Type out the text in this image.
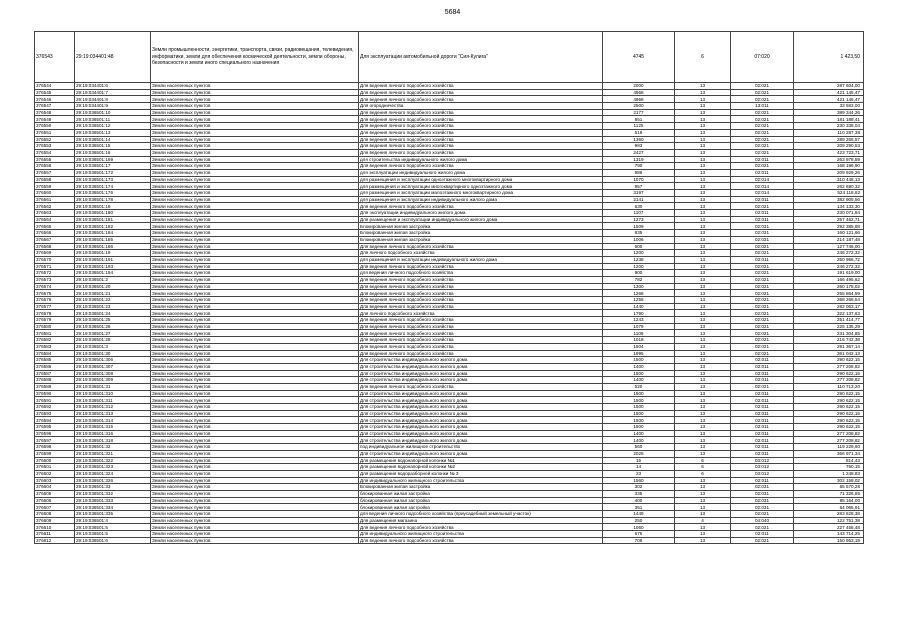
5684
376543	29:19:034401:48	Земли промышленности, энергетики, транспорта, связи, радиовещания, телевидения, информатики, земли для обеспечения космической деятельности, земли обороны, безопасности и земли иного специального назначения	Для эксплуатации автомобильной дороги "Сия-Кулига"	4745	6	07:020	1 423,50
376544	29:19:034401:6	Земли населенных пунктов	Для ведения личного подсобного хозяйства	2000	13	02:021	287 604,00
376545	29:19:034401:7	Земли населенных пунктов	Для ведения личного подсобного хозяйства	4968	13	02:021	421 145,47
376546	29:19:034401:8	Земли населенных пунктов	Для ведения личного подсобного хозяйства	4968	13	02:021	421 145,47
376547	29:19:034401:9	Земли населенных пунктов	Для огородничества	2500	13	13:011	33 583,00
376548	29:19:036501:10	Земли населенных пунктов	Для ведения личного подсобного хозяйства	2177	13	02:021	389 344,26
376549	29:19:036501:11	Земли населенных пунктов	Для ведения личного подсобного хозяйства	851	13	02:021	181 188,41
376550	29:19:036501:12	Земли населенных пунктов	Для ведения личного подсобного хозяйства	1125	13	02:021	230 338,04
376551	29:19:036501:13	Земли населенных пунктов	Для ведения личного подсобного хозяйства	518	13	02:021	110 287,38
376552	29:19:036501:14	Земли населенных пунктов	Для ведения личного подсобного хозяйства	1360	13	02:021	289 266,57
376553	29:19:036501:15	Земли населенных пунктов	Для ведения личного подсобного хозяйства	983	13	02:021	209 290,53
376554	29:19:036501:16	Земли населенных пунктов	Для ведения личного подсобного хозяйства	2427	13	02:021	423 723,71
376555	29:19:036501:169	Земли населенных пунктов	для строительства индивидуального жилого дома	1319	13	02:011	263 978,59
376556	29:19:036501:17	Земли населенных пунктов	Для ведения личного подсобного хозяйства	790	13	02:021	168 196,90
376557	29:19:036501:172	Земли населенных пунктов	для эксплуатации индивидуального жилого дома	986	13	02:011	209 929,26
376558	29:19:036501:173	Земли населенных пунктов	для размещения и эксплуатации одноэтажного многоквартирного дома	1070	13	02:014	310 448,13
376559	29:19:036501:174	Земли населенных пунктов	для размещения и эксплуатации многоквартирного одноэтажного дома	957	13	02:014	262 690,32
376560	29:19:036501:176	Земли населенных пунктов	для размещения и эксплуатации малоэтажного многоквартирного дома	3197	13	02:014	524 118,62
376561	29:19:036501:178	Земли населенных пунктов	для размещения и эксплуатации индивидуального жилого дома	2141	13	02:011	382 905,56
376562	29:19:036501:18	Земли населенных пунктов	Для ведения личного подсобного хозяйства	630	13	02:021	134 133,30
376563	29:19:036501:180	Земли населенных пунктов	Для эксплуатации индивидуального жилого дома	1107	13	02:011	230 071,84
376564	29:19:036501:181	Земли населенных пунктов	Для размещения и эксплуатации индивидуального жилого дома	1273	13	02:011	257 462,71
376565	29:19:036501:182	Земли населенных пунктов	Блокированная жилая застройка	1509	13	02:031	292 385,88
376566	29:19:036501:184	Земли населенных пунктов	Блокированная жилая застройка	835	13	02:031	160 121,66
376567	29:19:036501:185	Земли населенных пунктов	Блокированная жилая застройка	1006	13	02:031	214 187,48
376568	29:19:036501:186	Земли населенных пунктов	Для ведения личного подсобного хозяйства	600	13	02:021	127 746,00
376569	29:19:036501:19	Земли населенных пунктов	Для личного подсобного хозяйства	1200	13	02:021	246 272,32
376570	29:19:036501:191	Земли населенных пунктов	для размещения и эксплуатации индивидуального жилого дома	1238	13	02:011	250 956,72
376571	29:19:036501:193	Земли населенных пунктов	Для ведения личного подсобного хозяйства	1200	13	02:021	246 272,32
376572	29:19:036501:194	Земли населенных пунктов	для ведения личного подсобного хозяйства	900	13	02:021	191 619,00
376573	29:19:036501:2	Земли населенных пунктов	Для ведения личного подсобного хозяйства	782	13	02:021	166 495,62
376574	29:19:036501:20	Земли населенных пунктов	Для ведения личного подсобного хозяйства	1300	13	02:021	260 175,02
376575	29:19:036501:21	Земли населенных пунктов	Для ведения личного подсобного хозяйства	1266	13	02:021	255 864,59
376576	29:19:036501:22	Земли населенных пунктов	Для ведения личного подсобного хозяйства	1255	13	02:021	268 268,54
376577	29:19:036501:23	Земли населенных пунктов	Для ведения личного подсобного хозяйства	1440	13	02:021	282 063,17
376578	29:19:036501:24	Земли населенных пунктов	Для личного подсобного хозяйства	1790	13	02:021	322 137,63
376579	29:19:036501:25	Земли населенных пунктов	Для ведения личного подсобного хозяйства	1243	13	02:021	251 414,77
376580	29:19:036501:26	Земли населенных пунктов	Для ведения личного подсобного хозяйства	1079	13	02:021	225 135,29
376581	29:19:036501:27	Земли населенных пунктов	Для ведения личного подсобного хозяйства	1109	13	02:021	231 304,85
376582	29:19:036501:28	Земли населенных пунктов	Для ведения личного подсобного хозяйства	1018	13	02:021	216 742,38
376583	29:19:036501:3	Земли населенных пунктов	Для ведения личного подсобного хозяйства	1504	13	02:021	291 367,14
376584	29:19:036501:30	Земли населенных пунктов	Для ведения личного подсобного хозяйства	1995	13	02:021	361 042,13
376585	29:19:036501:306	Земли населенных пунктов	Для строительства индивидуального жилого дома	1500	13	02:011	290 622,15
376586	29:19:036501:307	Земли населенных пунктов	Для строительства индивидуального жилого дома	1400	13	02:011	277 208,82
376587	29:19:036501:308	Земли населенных пунктов	Для строительства индивидуального жилого дома	1500	13	02:011	290 622,15
376588	29:19:036501:309	Земли населенных пунктов	Для строительства индивидуального жилого дома	1400	13	02:011	277 208,82
376589	29:19:036501:31	Земли населенных пунктов	Для ведения личного подсобного хозяйства	520	13	02:021	110 713,20
376590	29:19:036501:310	Земли населенных пунктов	Для строительства индивидуального жилого дома	1500	13	02:011	290 622,15
376591	29:19:036501:311	Земли населенных пунктов	Для строительства индивидуального жилого дома	1500	13	02:011	290 622,15
376592	29:19:036501:312	Земли населенных пунктов	Для строительства индивидуального жилого дома	1500	13	02:011	290 622,15
376593	29:19:036501:313	Земли населенных пунктов	Для строительства индивидуального жилого дома	1500	13	02:011	290 622,15
376594	29:19:036501:314	Земли населенных пунктов	Для строительства индивидуального жилого дома	1500	13	02:011	290 622,15
376595	29:19:036501:315	Земли населенных пунктов	Для строительства индивидуального жилого дома	1500	13	02:011	290 622,15
376596	29:19:036501:316	Земли населенных пунктов	Для строительства индивидуального жилого дома	1400	13	02:011	277 208,82
376597	29:19:036501:318	Земли населенных пунктов	Для строительства индивидуального жилого дома	1400	13	02:011	277 208,82
376598	29:19:036501:32	Земли населенных пунктов	под индивидуальное жилищное строительство	560	13	02:011	119 229,60
376599	29:19:036501:321	Земли населенных пунктов	Для строительства индивидуального жилого дома	2025	13	02:011	366 971,34
376600	29:19:036501:322	Земли населенных пунктов	Для размещения водонапорной колонки №1	15	6	03:012	814,43
376601	29:19:036501:323	Земли населенных пунктов	Для размещения водонапорной колонки №2	14	6	03:012	760,15
376602	29:19:036501:324	Земли населенных пунктов	Для размещения водоразборной колонки № 3	23	6	03:012	1 248,83
376603	29:19:036501:326	Земли населенных пунктов	Для индивидуального жилищного строительства	1560	13	02:011	302 158,02
376604	29:19:036501:33	Земли населенных пунктов	Блокированная жилая застройка	302	13	02:031	65 570,28
376605	29:19:036501:332	Земли населенных пунктов	блокированная жилая застройка	335	13	02:031	71 326,85
376606	29:19:036501:333	Земли населенных пунктов	блокированная жилая застройка	400	13	02:031	85 164,00
376607	29:19:036501:334	Земли населенных пунктов	блокированная жилая застройка	351	13	02:031	64 065,91
376608	29:19:036501:335	Земли населенных пунктов	для ведения личного подсобного хозяйства (приусадебный земельный участок)	1449	13	02:021	283 628,38
376609	29:19:036501:4	Земли населенных пунктов	Для размещения магазина	250	4	04:040	122 751,38
376610	29:19:036501:5	Земли населенных пунктов	Для ведения личного подсобного хозяйства	1060	13	02:021	227 458,48
376611	29:19:036501:5	Земли населенных пунктов	Для индивидуального жилищного строительства	675	13	02:011	143 714,25
376612	29:19:036501:6	Земли населенных пунктов	Для ведения личного подсобного хозяйства	709	13	02:021	150 953,19
